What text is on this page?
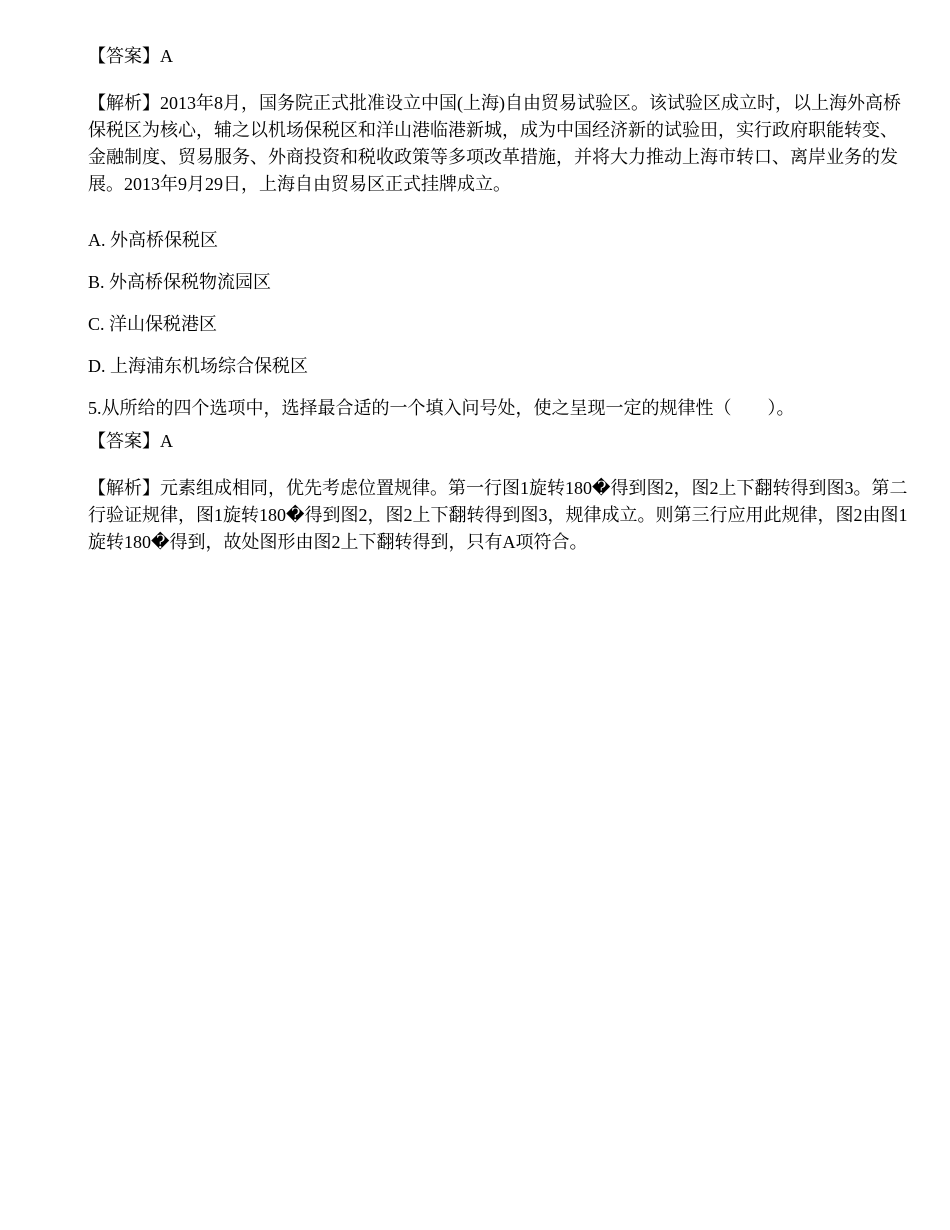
【答案】A
【解析】2013年8月，国务院正式批准设立中国(上海)自由贸易试验区。该试验区成立时，以上海外高桥保税区为核心，辅之以机场保税区和洋山港临港新城，成为中国经济新的试验田，实行政府职能转变、金融制度、贸易服务、外商投资和税收政策等多项改革措施，并将大力推动上海市转口、离岸业务的发展。2013年9月29日，上海自由贸易区正式挂牌成立。
A. 外高桥保税区
B. 外高桥保税物流园区
C. 洋山保税港区
D. 上海浦东机场综合保税区
5.从所给的四个选项中，选择最合适的一个填入问号处，使之呈现一定的规律性（　　）。
【答案】A
【解析】元素组成相同，优先考虑位置规律。第一行图1旋转180�得到图2，图2上下翻转得到图3。第二行验证规律，图1旋转180�得到图2，图2上下翻转得到图3，规律成立。则第三行应用此规律，图2由图1旋转180�得到，故处图形由图2上下翻转得到，只有A项符合。
